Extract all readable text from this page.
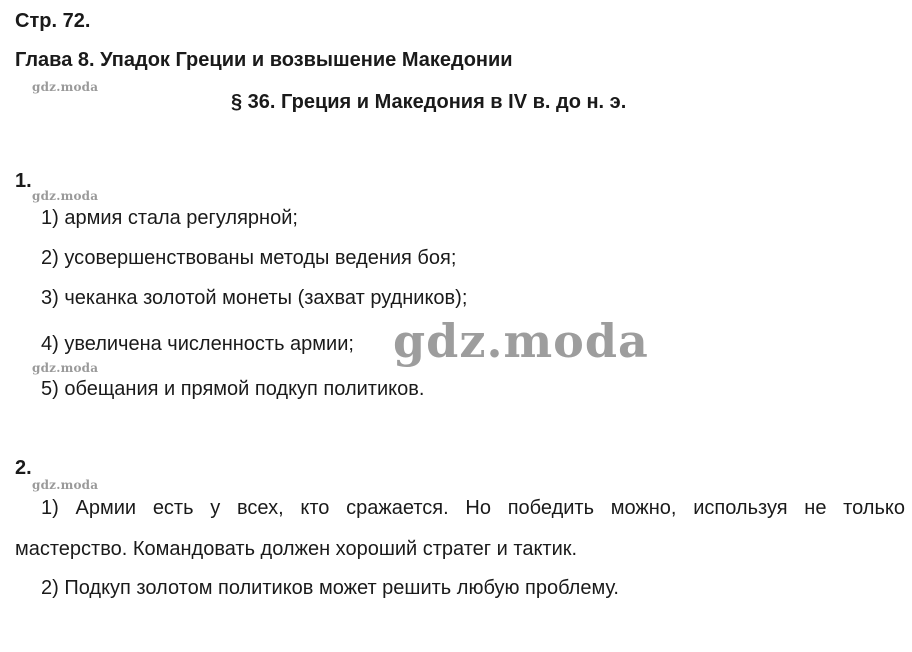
Стр. 72.
Глава 8. Упадок Греции и возвышение Македонии
gdz.moda
§ 36. Греция и Македония в IV в. до н. э.
1.
gdz.moda
1) армия стала регулярной;
2) усовершенствованы методы ведения боя;
3) чеканка золотой монеты (захват рудников);
4) увеличена численность армии;
gdz.moda
5) обещания и прямой подкуп политиков.
gdz.moda
2.
gdz.moda
1) Армии есть у всех, кто сражается. Но победить можно, используя не только
мастерство. Командовать должен хороший стратег и тактик.
2) Подкуп золотом политиков может решить любую проблему.
